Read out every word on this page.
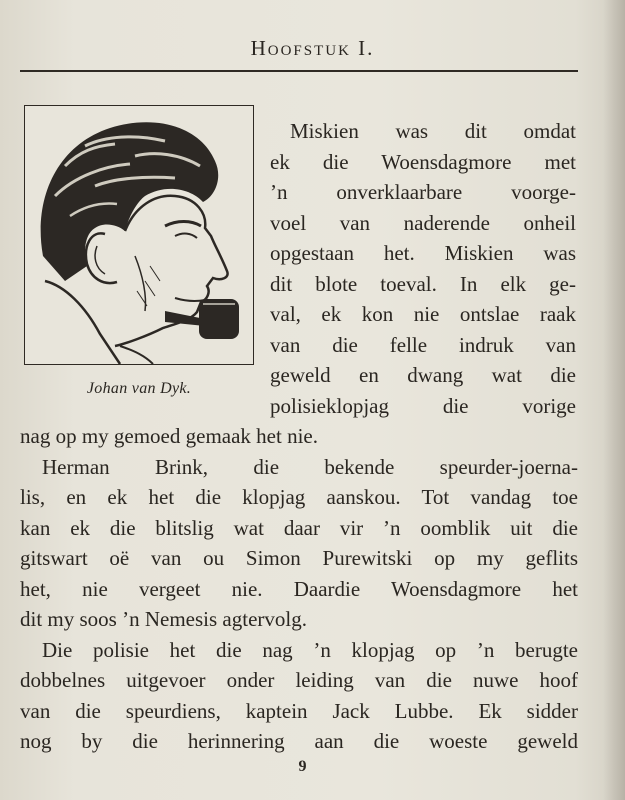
Hoofstuk I.
Johan van Dyk.
Miskien was dit omdat
ek die Woensdagmore met
’n onverklaarbare voorge-
voel van naderende onheil
opgestaan het. Miskien was
dit blote toeval. In elk ge-
val, ek kon nie ontslae raak
van die felle indruk van
geweld en dwang wat die
polisieklopjag die vorige
nag op my gemoed gemaak het nie.
Herman Brink, die bekende speurder-joerna-
lis, en ek het die klopjag aanskou. Tot vandag toe
kan ek die blitslig wat daar vir ’n oomblik uit die
gitswart oë van ou Simon Purewitski op my geflits
het, nie vergeet nie. Daardie Woensdagmore het
dit my soos ’n Nemesis agtervolg.
Die polisie het die nag ’n klopjag op ’n berugte
dobbelnes uitgevoer onder leiding van die nuwe hoof
van die speurdiens, kaptein Jack Lubbe. Ek sidder
nog by die herinnering aan die woeste geweld
9
